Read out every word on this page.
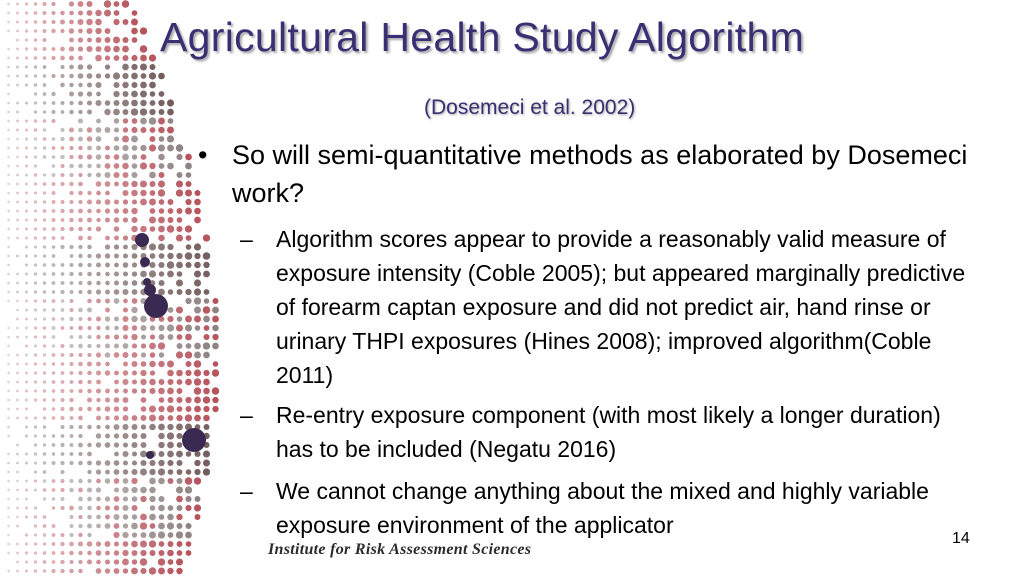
Agricultural Health Study Algorithm
(Dosemeci et al. 2002)
• So will semi-quantitative methods as elaborated by Dosemeci work?
– Algorithm scores appear to provide a reasonably valid measure of exposure intensity (Coble 2005); but appeared marginally predictive of forearm captan exposure and did not predict air, hand rinse or urinary THPI exposures (Hines 2008); improved algorithm(Coble 2011)
– Re-entry exposure component (with most likely a longer duration) has to be included (Negatu 2016)
– We cannot change anything about the mixed and highly variable exposure environment of the applicator
14
Institute for Risk Assessment Sciences
